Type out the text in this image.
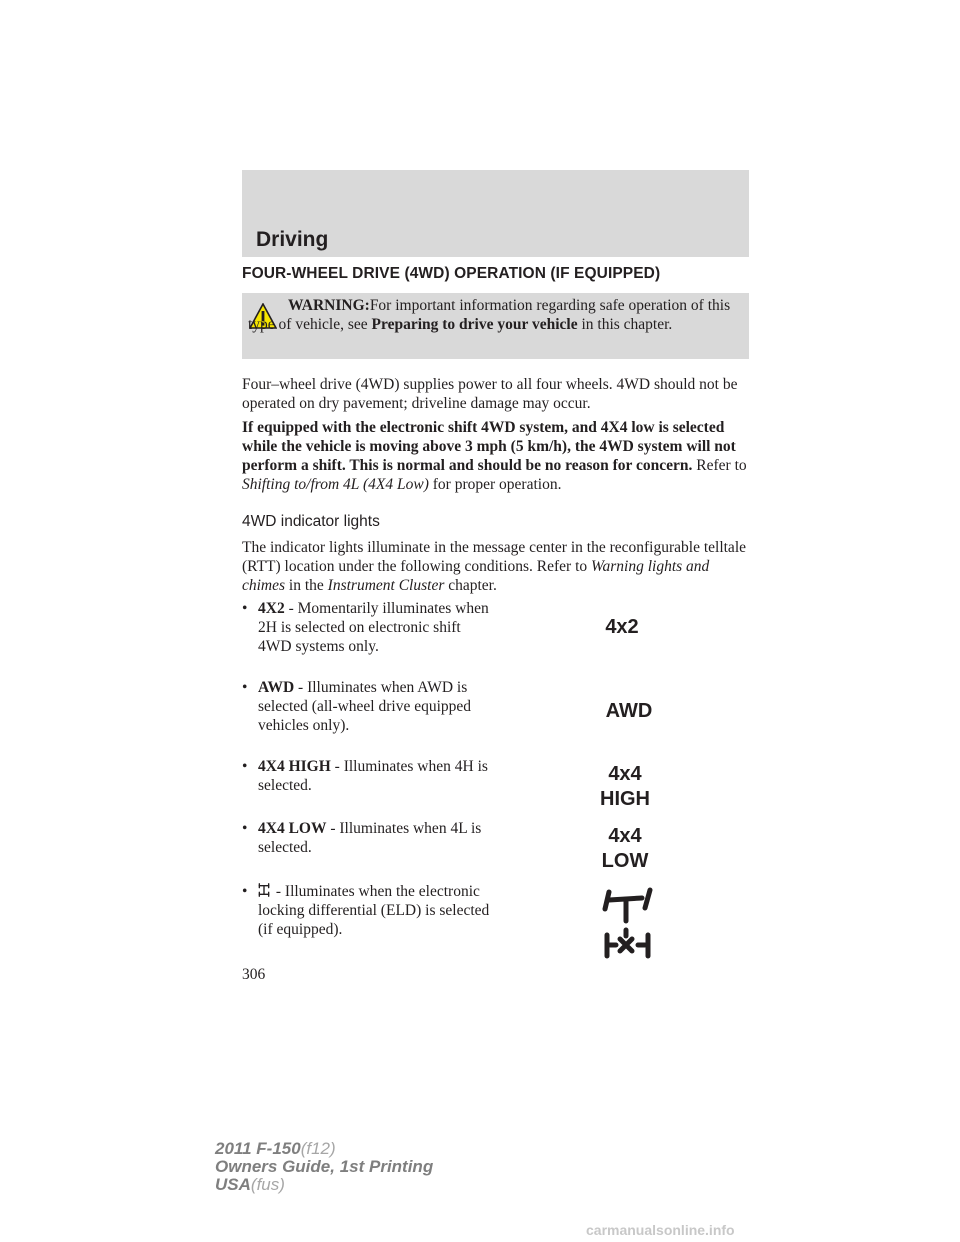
Driving
FOUR-WHEEL DRIVE (4WD) OPERATION (IF EQUIPPED)
WARNING:For important information regarding safe operation of this type of vehicle, see Preparing to drive your vehicle in this chapter.
Four–wheel drive (4WD) supplies power to all four wheels. 4WD should not be operated on dry pavement; driveline damage may occur.
If equipped with the electronic shift 4WD system, and 4X4 low is selected while the vehicle is moving above 3 mph (5 km/h), the 4WD system will not perform a shift. This is normal and should be no reason for concern. Refer to Shifting to/from 4L (4X4 Low) for proper operation.
4WD indicator lights
The indicator lights illuminate in the message center in the reconfigurable telltale (RTT) location under the following conditions. Refer to Warning lights and chimes in the Instrument Cluster chapter.
• 4X2 - Momentarily illuminates when 2H is selected on electronic shift 4WD systems only.
4x2
• AWD - Illuminates when AWD is selected (all-wheel drive equipped vehicles only).
AWD
• 4X4 HIGH - Illuminates when 4H is selected.
4x4
HIGH
• 4X4 LOW - Illuminates when 4L is selected.
4x4
LOW
•	- Illuminates when the electronic locking differential (ELD) is selected (if equipped).
306
2011 F-150(f12)
Owners Guide, 1st Printing
USA(fus)
carmanualsonline.info
